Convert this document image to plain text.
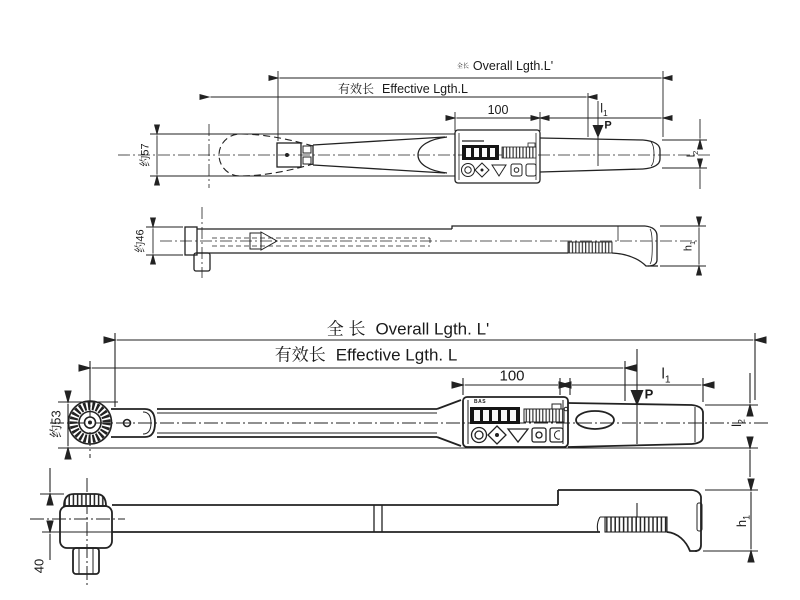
全长 Overall Lgth.L'
有效长 Effective Lgth.L
100	$l_1$
P
约57	$l_2$
约46	$h_1$
全 长 Overall Lgth. L'
有效长 Effective Lgth. L
100	$l_1$
P
约53	$l_2$
40
$h_1$
BAS
